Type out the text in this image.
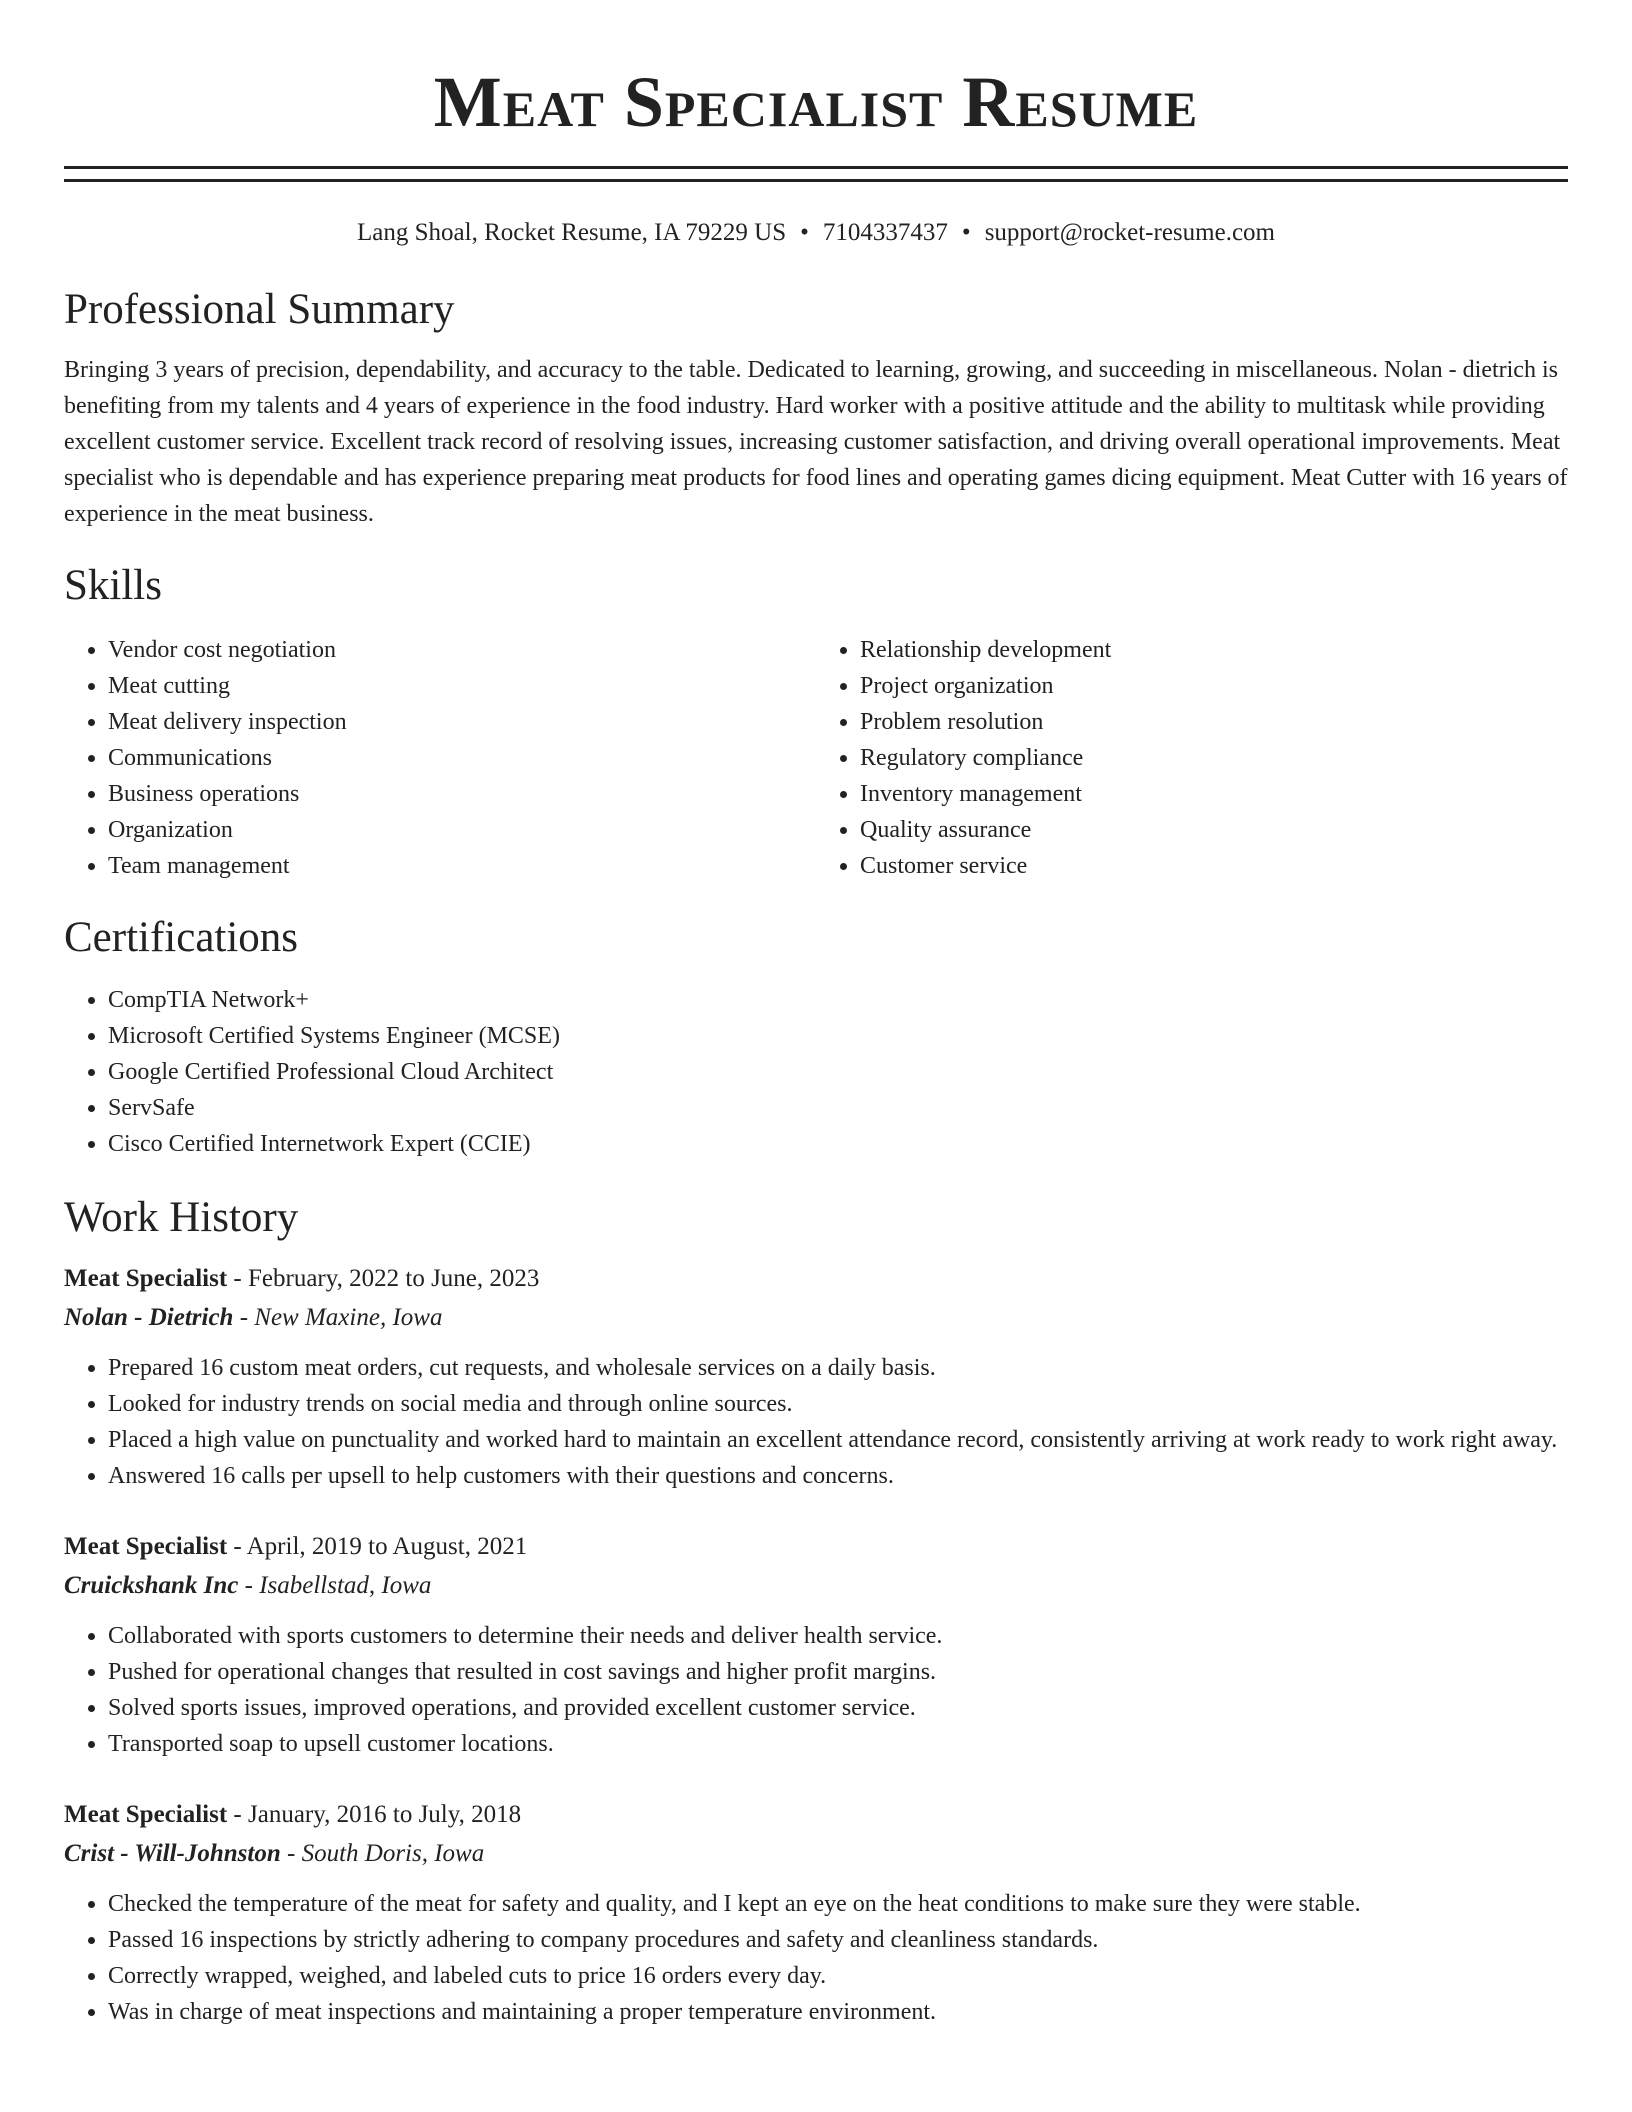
Meat Specialist Resume
Lang Shoal, Rocket Resume, IA 79229 US • 7104337437 • support@rocket-resume.com
Professional Summary

Bringing 3 years of precision, dependability, and accuracy to the table. Dedicated to learning, growing, and succeeding in miscellaneous. Nolan - dietrich is benefiting from my talents and 4 years of experience in the food industry. Hard worker with a positive attitude and the ability to multitask while providing excellent customer service. Excellent track record of resolving issues, increasing customer satisfaction, and driving overall operational improvements. Meat specialist who is dependable and has experience preparing meat products for food lines and operating games dicing equipment. Meat Cutter with 16 years of experience in the meat business.

Skills
• Vendor cost negotiation
• Meat cutting
• Meat delivery inspection
• Communications
• Business operations
• Organization
• Team management
• Relationship development
• Project organization
• Problem resolution
• Regulatory compliance
• Inventory management
• Quality assurance
• Customer service
Certifications
• CompTIA Network+
• Microsoft Certified Systems Engineer (MCSE)
• Google Certified Professional Cloud Architect
• ServSafe
• Cisco Certified Internetwork Expert (CCIE)
Work History
Meat Specialist - February, 2022 to June, 2023
Nolan - Dietrich - New Maxine, Iowa
• Prepared 16 custom meat orders, cut requests, and wholesale services on a daily basis.
• Looked for industry trends on social media and through online sources.
• Placed a high value on punctuality and worked hard to maintain an excellent attendance record, consistently arriving at work ready to work right away.
• Answered 16 calls per upsell to help customers with their questions and concerns.
Meat Specialist - April, 2019 to August, 2021
Cruickshank Inc - Isabellstad, Iowa
• Collaborated with sports customers to determine their needs and deliver health service.
• Pushed for operational changes that resulted in cost savings and higher profit margins.
• Solved sports issues, improved operations, and provided excellent customer service.
• Transported soap to upsell customer locations.
Meat Specialist - January, 2016 to July, 2018
Crist - Will-Johnston - South Doris, Iowa
• Checked the temperature of the meat for safety and quality, and I kept an eye on the heat conditions to make sure they were stable.
• Passed 16 inspections by strictly adhering to company procedures and safety and cleanliness standards.
• Correctly wrapped, weighed, and labeled cuts to price 16 orders every day.
• Was in charge of meat inspections and maintaining a proper temperature environment.
